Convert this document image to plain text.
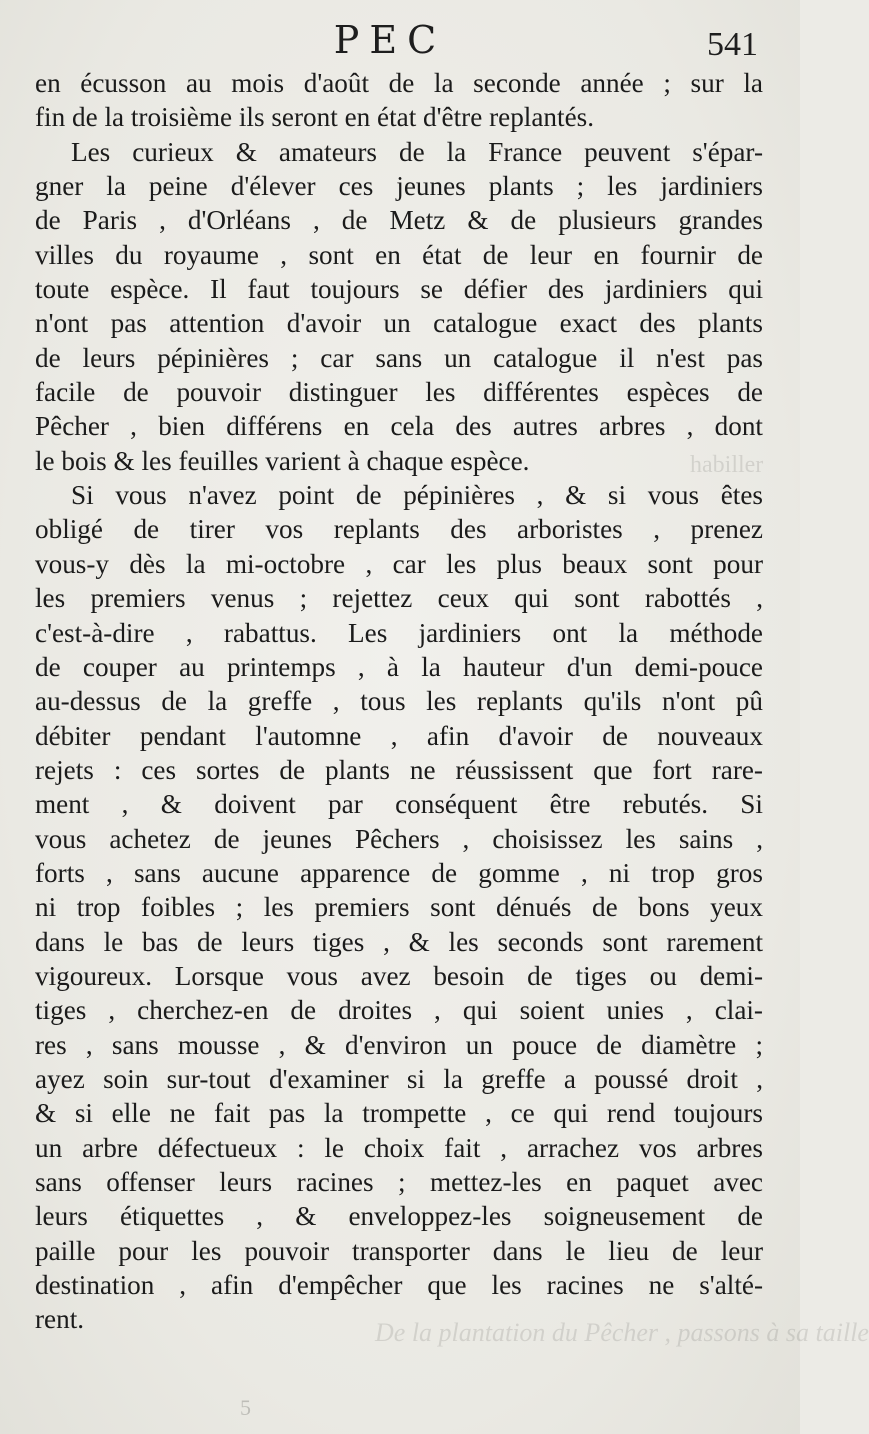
PEC	541
habiller
De la plantation du Pêcher , passons à sa taille
en écusson au mois d'août de la seconde année ; sur la
fin de la troisième ils seront en état d'être replantés.
Les curieux & amateurs de la France peuvent s'épar-
gner la peine d'élever ces jeunes plants ; les jardiniers
de Paris , d'Orléans , de Metz & de plusieurs grandes
villes du royaume , sont en état de leur en fournir de
toute espèce. Il faut toujours se défier des jardiniers qui
n'ont pas attention d'avoir un catalogue exact des plants
de leurs pépinières ; car sans un catalogue il n'est pas
facile de pouvoir distinguer les différentes espèces de
Pêcher , bien différens en cela des autres arbres , dont
le bois & les feuilles varient à chaque espèce.
Si vous n'avez point de pépinières , & si vous êtes
obligé de tirer vos replants des arboristes , prenez
vous-y dès la mi-octobre , car les plus beaux sont pour
les premiers venus ; rejettez ceux qui sont rabottés ,
c'est-à-dire , rabattus. Les jardiniers ont la méthode
de couper au printemps , à la hauteur d'un demi-pouce
au-dessus de la greffe , tous les replants qu'ils n'ont pû
débiter pendant l'automne , afin d'avoir de nouveaux
rejets : ces sortes de plants ne réussissent que fort rare-
ment , & doivent par conséquent être rebutés. Si
vous achetez de jeunes Pêchers , choisissez les sains ,
forts , sans aucune apparence de gomme , ni trop gros
ni trop foibles ; les premiers sont dénués de bons yeux
dans le bas de leurs tiges , & les seconds sont rarement
vigoureux. Lorsque vous avez besoin de tiges ou demi-
tiges , cherchez-en de droites , qui soient unies , clai-
res , sans mousse , & d'environ un pouce de diamètre ;
ayez soin sur-tout d'examiner si la greffe a poussé droit ,
& si elle ne fait pas la trompette , ce qui rend toujours
un arbre défectueux : le choix fait , arrachez vos arbres
sans offenser leurs racines ; mettez-les en paquet avec
leurs étiquettes , & enveloppez-les soigneusement de
paille pour les pouvoir transporter dans le lieu de leur
destination , afin d'empêcher que les racines ne s'alté-
rent.
5
